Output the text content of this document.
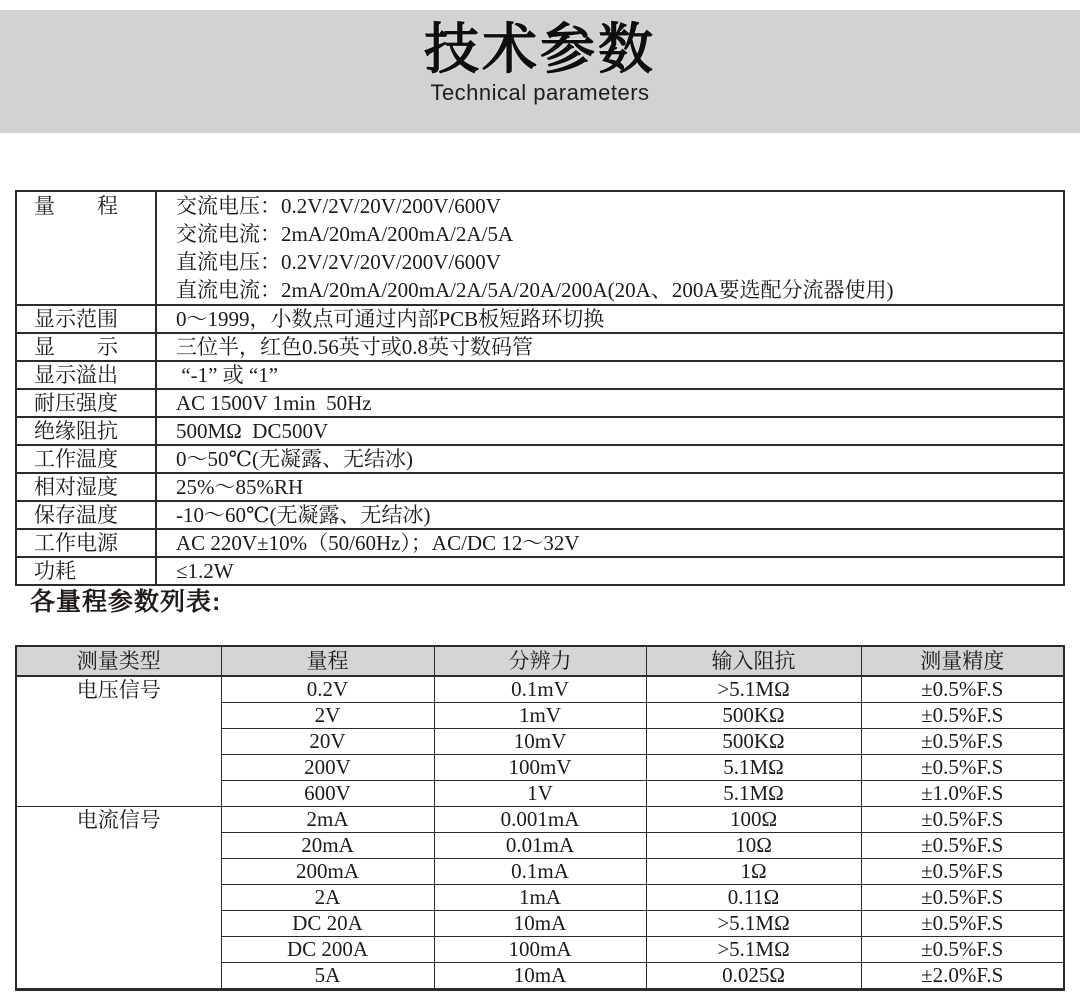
技术参数
Technical parameters
量　　程	交流电压：0.2V/2V/20V/200V/600V
交流电流：2mA/20mA/200mA/2A/5A
直流电压：0.2V/2V/20V/200V/600V
直流电流：2mA/20mA/200mA/2A/5A/20A/200A(20A、200A要选配分流器使用)

显示范围	0～1999，小数点可通过内部PCB板短路环切换

显　　示	三位半，红色0.56英寸或0.8英寸数码管

显示溢出	“-1” 或 “1”

耐压强度	AC 1500V 1min  50Hz

绝缘阻抗	500MΩ  DC500V

工作温度	0～50℃(无凝露、无结冰)

相对湿度	25%～85%RH

保存温度	-10～60℃(无凝露、无结冰)

工作电源	AC 220V±10%（50/60Hz）；AC/DC 12～32V

功耗	≤1.2W
各量程参数列表:
测量类型	量程	分辨力	输入阻抗	测量精度
电压信号	0.2V	0.1mV	>5.1MΩ	±0.5%F.S
	2V	1mV	500KΩ	±0.5%F.S
	20V	10mV	500KΩ	±0.5%F.S
	200V	100mV	5.1MΩ	±0.5%F.S
	600V	1V	5.1MΩ	±1.0%F.S
电流信号	2mA	0.001mA	100Ω	±0.5%F.S
	20mA	0.01mA	10Ω	±0.5%F.S
	200mA	0.1mA	1Ω	±0.5%F.S
	2A	1mA	0.11Ω	±0.5%F.S
	DC 20A	10mA	>5.1MΩ	±0.5%F.S
	DC 200A	100mA	>5.1MΩ	±0.5%F.S
	5A	10mA	0.025Ω	±2.0%F.S
